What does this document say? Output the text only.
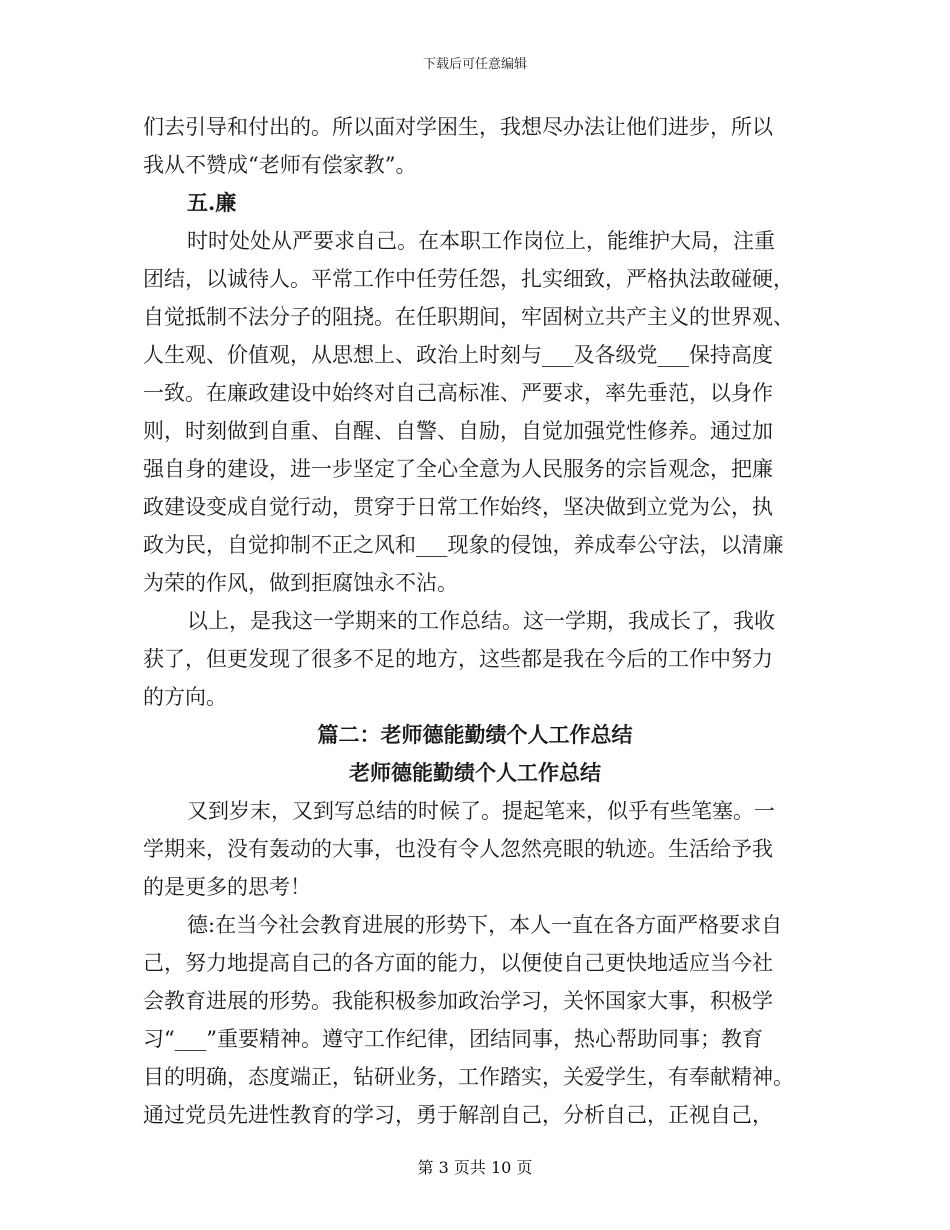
下载后可任意编辑
们去引导和付出的。所以面对学困生，我想尽办法让他们进步，所以
我从不赞成“老师有偿家教”。
五.廉
时时处处从严要求自己。在本职工作岗位上，能维护大局，注重
团结，以诚待人。平常工作中任劳任怨，扎实细致，严格执法敢碰硬，
自觉抵制不法分子的阻挠。在任职期间，牢固树立共产主义的世界观、
人生观、价值观，从思想上、政治上时刻与___及各级党___保持高度
一致。在廉政建设中始终对自己高标准、严要求，率先垂范，以身作
则，时刻做到自重、自醒、自警、自励，自觉加强党性修养。通过加
强自身的建设，进一步坚定了全心全意为人民服务的宗旨观念，把廉
政建设变成自觉行动，贯穿于日常工作始终，坚决做到立党为公，执
政为民，自觉抑制不正之风和___现象的侵蚀，养成奉公守法，以清廉
为荣的作风，做到拒腐蚀永不沾。
以上，是我这一学期来的工作总结。这一学期，我成长了，我收
获了，但更发现了很多不足的地方，这些都是我在今后的工作中努力
的方向。
篇二：老师德能勤绩个人工作总结
老师德能勤绩个人工作总结
又到岁末，又到写总结的时候了。提起笔来，似乎有些笔塞。一
学期来，没有轰动的大事，也没有令人忽然亮眼的轨迹。生活给予我
的是更多的思考！
德:在当今社会教育进展的形势下，本人一直在各方面严格要求自
己，努力地提高自己的各方面的能力，以便使自己更快地适应当今社
会教育进展的形势。我能积极参加政治学习，关怀国家大事，积极学
习“___”重要精神。遵守工作纪律，团结同事，热心帮助同事；教育
目的明确，态度端正，钻研业务，工作踏实，关爱学生，有奉献精神。
通过党员先进性教育的学习，勇于解剖自己，分析自己，正视自己，
第 3 页共 10 页
